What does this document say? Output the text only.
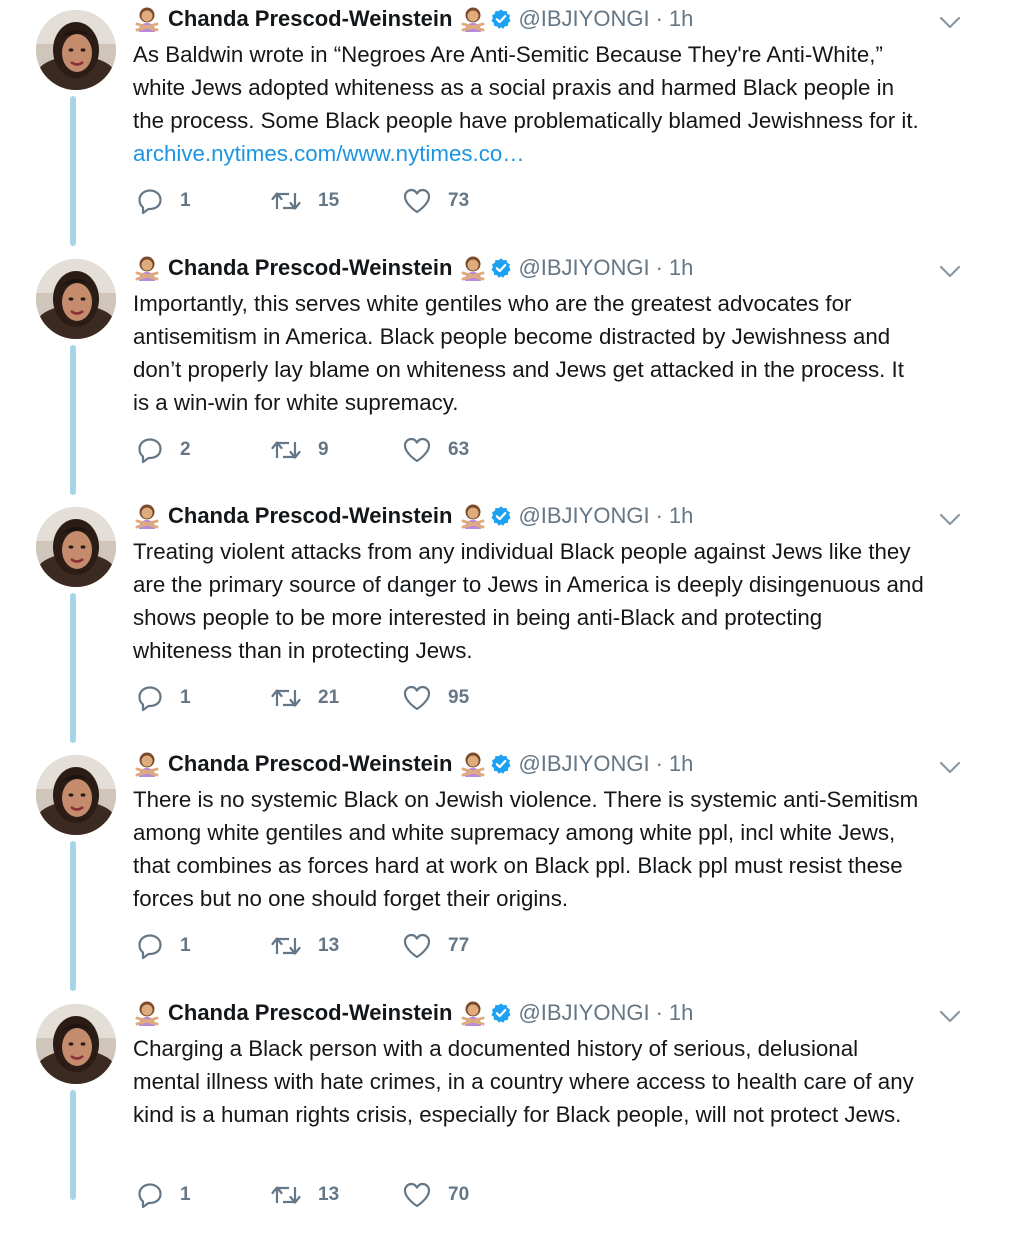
Chanda Prescod-Weinstein	@IBJIYONGI · 1h
As Baldwin wrote in “Negroes Are Anti-Semitic Because They're Anti-White,”
white Jews adopted whiteness as a social praxis and harmed Black people in
the process. Some Black people have problematically blamed Jewishness for it.
archive.nytimes.com/www.nytimes.co…
1	15	73
Chanda Prescod-Weinstein	@IBJIYONGI · 1h
Importantly, this serves white gentiles who are the greatest advocates for
antisemitism in America. Black people become distracted by Jewishness and
don’t properly lay blame on whiteness and Jews get attacked in the process. It
is a win-win for white supremacy.
2	9	63
Chanda Prescod-Weinstein	@IBJIYONGI · 1h
Treating violent attacks from any individual Black people against Jews like they
are the primary source of danger to Jews in America is deeply disingenuous and
shows people to be more interested in being anti-Black and protecting
whiteness than in protecting Jews.
1	21	95
Chanda Prescod-Weinstein	@IBJIYONGI · 1h
There is no systemic Black on Jewish violence. There is systemic anti-Semitism
among white gentiles and white supremacy among white ppl, incl white Jews,
that combines as forces hard at work on Black ppl. Black ppl must resist these
forces but no one should forget their origins.
1	13	77
Chanda Prescod-Weinstein	@IBJIYONGI · 1h
Charging a Black person with a documented history of serious, delusional
mental illness with hate crimes, in a country where access to health care of any
kind is a human rights crisis, especially for Black people, will not protect Jews.
1	13	70
